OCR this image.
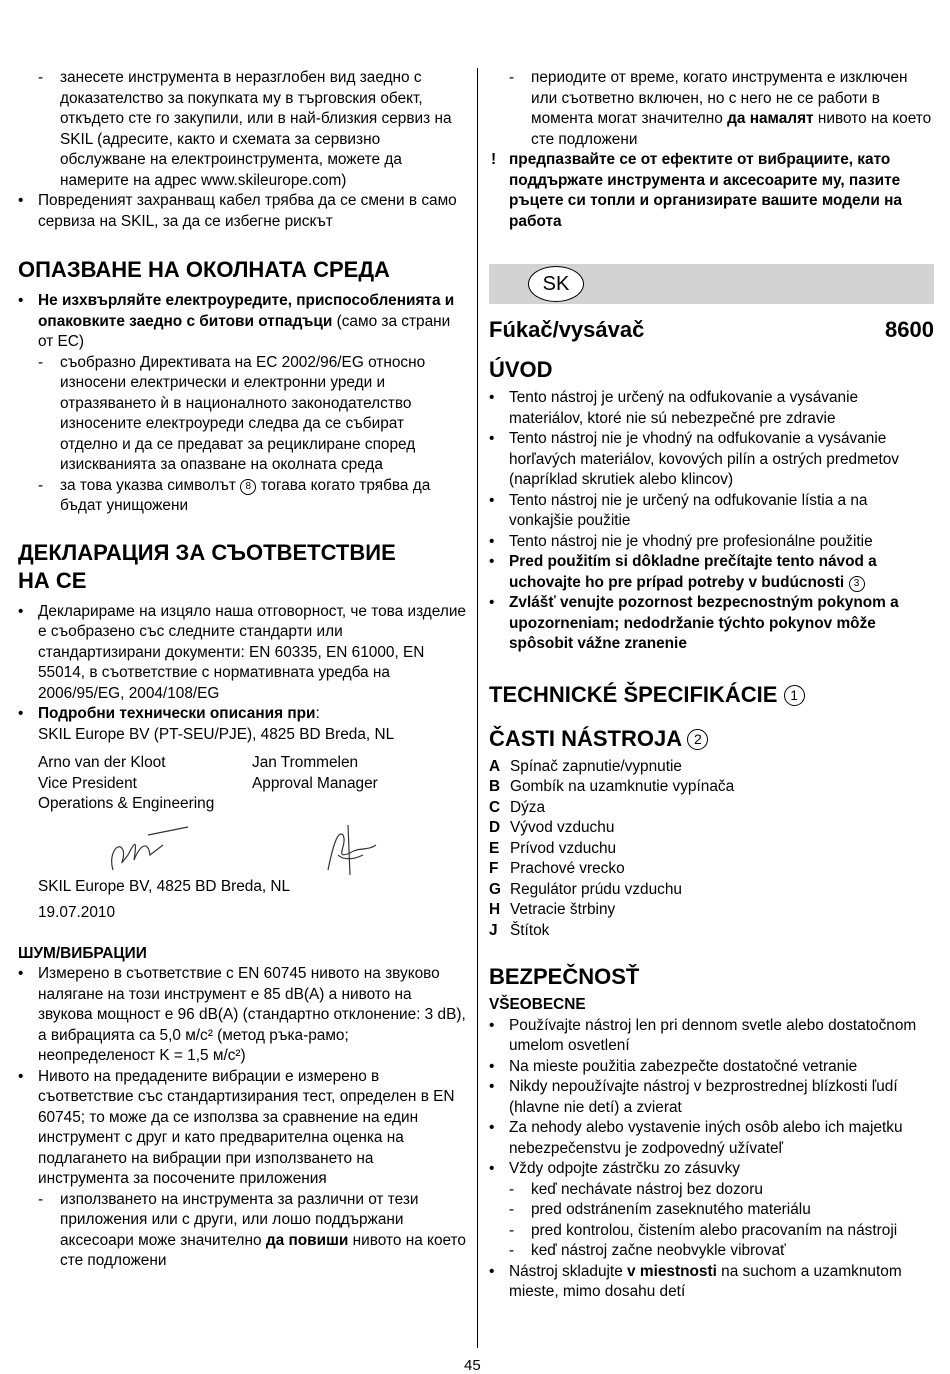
- занесете инструмента в неразглобен вид заедно с доказателство за покупката му в търговския обект, откъдето сте го закупили, или в най-близкия сервиз на SKIL (адресите, както и схемата за сервизно обслужване на електроинструмента, можете да намерите на адрес www.skileurope.com)
• Повреденият захранващ кабел трябва да се смени в само сервиза на SKIL, за да се избегне рискът
ОПАЗВАНЕ НА ОКОЛНАТА СРЕДА
• Не изхвърляйте електроуредите, приспособленията и опаковките заедно с битови отпадъци (само за страни от ЕС)
- съобразно Директивата на ЕС 2002/96/EG относно износени електрически и електронни уреди и отразяването ѝ в националното законодателство износените електроуреди следва да се събират отделно и да се предават за рециклиране според изискванията за опазване на околната среда
- за това указва символът 8 тогава когато трябва да бъдат унищожени
ДЕКЛАРАЦИЯ ЗА СЪОТВЕТСТВИЕ
НА CE
• Декларираме на изцяло наша отговорност, че това изделие е съобразено със следните стандарти или стандартизирани документи: EN 60335, EN 61000, EN 55014, в съответствие с нормативната уредба на 2006/95/EG, 2004/108/EG
• Подробни технически описания при:
SKIL Europe BV (PT-SEU/PJE), 4825 BD Breda, NL

Arno van der Kloot

Vice President

Operations & Engineering

Jan Trommelen

Approval Manager

SKIL Europe BV, 4825 BD Breda, NL

19.07.2010

ШУМ/ВИБРАЦИИ
• Измерено в съответствие с EN 60745 нивото на звуково налягане на този инструмент е 85 dB(A) а нивото на звукова мощност е 96 dB(A) (стандартно отклонение: 3 dB), а вибрацията са 5,0 м/с² (метод ръка-рамо; неопределеност K = 1,5 м/с²)
• Нивото на предадените вибрации е измерено в съответствие със стандартизирания тест, определен в EN 60745; то може да се използва за сравнение на един инструмент с друг и като предварителна оценка на подлагането на вибрации при използването на инструмента за посочените приложения
- използването на инструмента за различни от тези приложения или с други, или лошо поддържани аксесоари може значително да повиши нивото на което сте подложени
- периодите от време, когато инструмента е изключен или съответно включен, но с него не се работи в момента могат значително да намалят нивото на което сте подложени
! предпазвайте се от ефектите от вибрациите, като поддържате инструмента и аксесоарите му, пазите ръцете си топли и организирате вашите модели на работа
SK
Fúkač/vysávač	8600
ÚVOD
• Tento nástroj je určený na odfukovanie a vysávanie materiálov, ktoré nie sú nebezpečné pre zdravie
• Tento nástroj nie je vhodný na odfukovanie a vysávanie horľavých materiálov, kovových pilín a ostrých predmetov (napríklad skrutiek alebo klincov)
• Tento nástroj nie je určený na odfukovanie lístia a na vonkajšie použitie
• Tento nástroj nie je vhodný pre profesionálne použitie
• Pred použitím si dôkladne prečítajte tento návod a uchovajte ho pre prípad potreby v budúcnosti 3
• Zvlášť venujte pozornost bezpecnostným pokynom a upozorneniam; nedodržanie týchto pokynov môže spôsobit vážne zranenie
TECHNICKÉ ŠPECIFIKÁCIE 1
ČASTI NÁSTROJA 2
A Spínač zapnutie/vypnutie
B Gombík na uzamknutie vypínača
C Dýza
D Vývod vzduchu
E Prívod vzduchu
F Prachové vrecko
G Regulátor prúdu vzduchu
H Vetracie štrbiny
J Štítok
BEZPEČNOSŤ
VŠEOBECNE
• Používajte nástroj len pri dennom svetle alebo dostatočnom umelom osvetlení
• Na mieste použitia zabezpečte dostatočné vetranie
• Nikdy nepoužívajte nástroj v bezprostrednej blízkosti ľudí (hlavne nie detí) a zvierat
• Za nehody alebo vystavenie iných osôb alebo ich majetku nebezpečenstvu je zodpovedný užívateľ
• Vždy odpojte zástrčku zo zásuvky
- keď nechávate nástroj bez dozoru
- pred odstránením zaseknutého materiálu
- pred kontrolou, čistením alebo pracovaním na nástroji
- keď nástroj začne neobvykle vibrovať
• Nástroj skladujte v miestnosti na suchom a uzamknutom mieste, mimo dosahu detí
45
